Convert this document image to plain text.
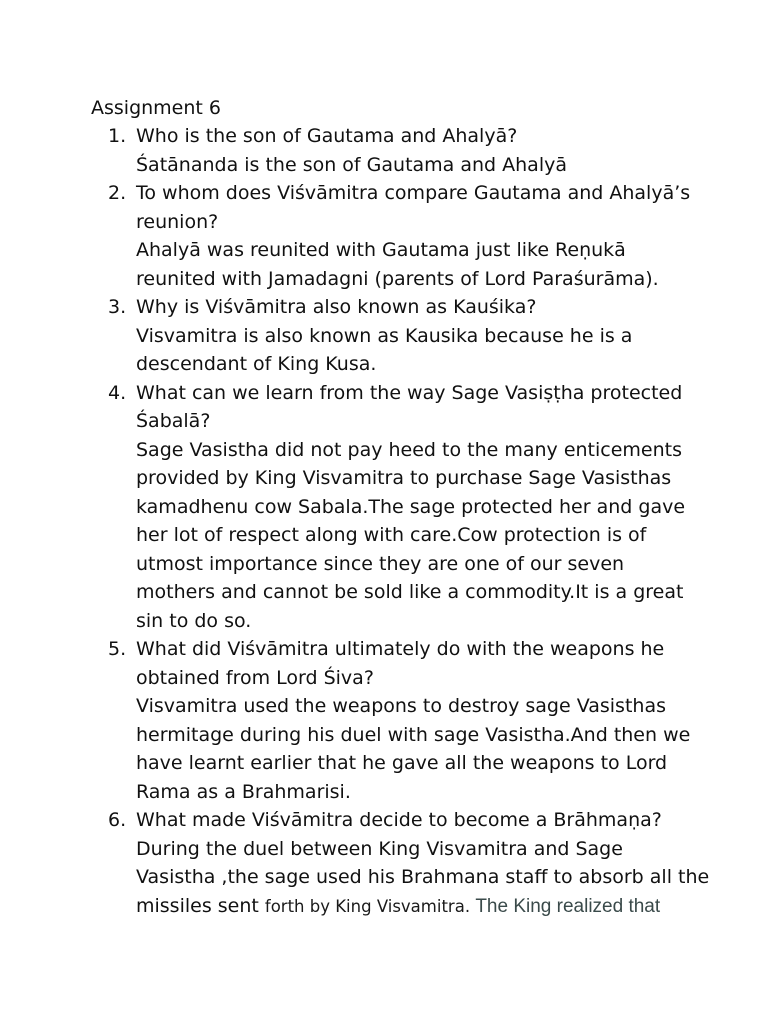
Assignment 6
1. Who is the son of Gautama and Ahalyā?
Śatānanda is the son of Gautama and Ahalyā
2. To whom does Viśvāmitra compare Gautama and Ahalyā’s
reunion?
Ahalyā was reunited with Gautama just like Reṇukā
reunited with Jamadagni (parents of Lord Paraśurāma).
3. Why is Viśvāmitra also known as Kauśika?
Visvamitra is also known as Kausika because he is a
descendant of King Kusa.
4. What can we learn from the way Sage Vasiṣṭha protected
Śabalā?
Sage Vasistha did not pay heed to the many enticements
provided by King Visvamitra to purchase Sage Vasisthas
kamadhenu cow Sabala.The sage protected her and gave
her lot of respect along with care.Cow protection is of
utmost importance since they are one of our seven
mothers and cannot be sold like a commodity.It is a great
sin to do so.
5. What did Viśvāmitra ultimately do with the weapons he
obtained from Lord Śiva?
Visvamitra used the weapons to destroy sage Vasisthas
hermitage during his duel with sage Vasistha.And then we
have learnt earlier that he gave all the weapons to Lord
Rama as a Brahmarisi.
6. What made Viśvāmitra decide to become a Brāhmaṇa?
During the duel between King Visvamitra and Sage
Vasistha ,the sage used his Brahmana staff to absorb all the
missiles sent forth by King Visvamitra. The King realized that
